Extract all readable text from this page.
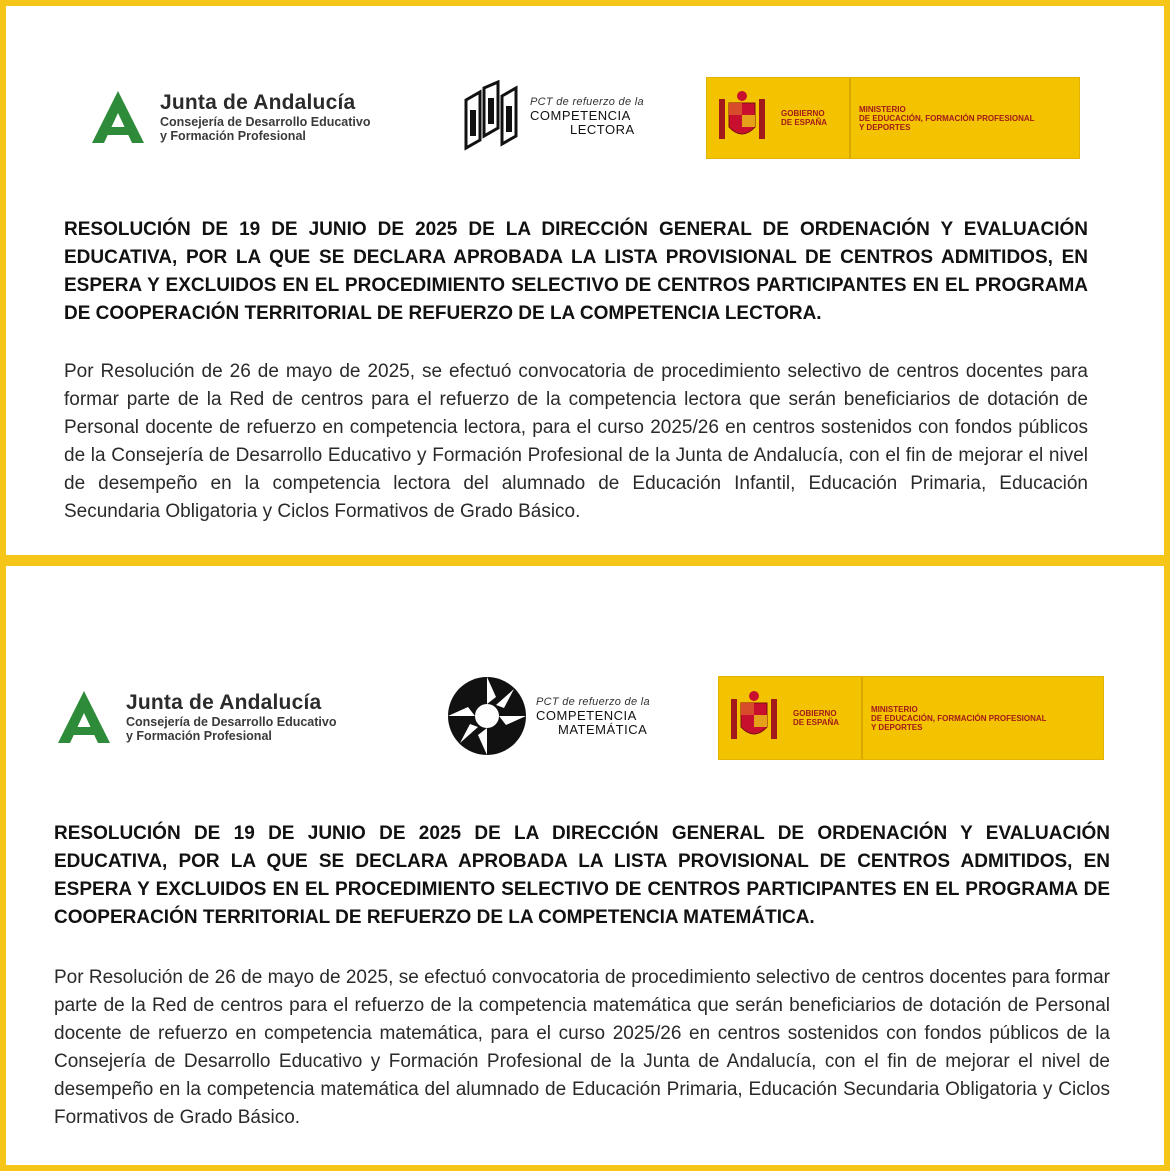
Junta de Andalucía
Consejería de Desarrollo Educativo
y Formación Profesional
PCT de refuerzo de la
COMPETENCIA
LECTORA
GOBIERNO
DE ESPAÑA
MINISTERIO
DE EDUCACIÓN, FORMACIÓN PROFESIONAL
Y DEPORTES
RESOLUCIÓN DE 19 DE JUNIO DE 2025 DE LA DIRECCIÓN GENERAL DE ORDENACIÓN Y EVALUACIÓN EDUCATIVA, POR LA QUE SE DECLARA APROBADA LA LISTA PROVISIONAL DE CENTROS ADMITIDOS, EN ESPERA Y EXCLUIDOS EN EL PROCEDIMIENTO SELECTIVO DE CENTROS PARTICIPANTES EN EL PROGRAMA DE COOPERACIÓN TERRITORIAL DE REFUERZO DE LA COMPETENCIA LECTORA.
Por Resolución de 26 de mayo de 2025, se efectuó convocatoria de procedimiento selectivo de centros docentes para formar parte de la Red de centros para el refuerzo de la competencia lectora que serán beneficiarios de dotación de Personal docente de refuerzo en competencia lectora, para el curso 2025/26 en centros sostenidos con fondos públicos de la Consejería de Desarrollo Educativo y Formación Profesional de la Junta de Andalucía, con el fin de mejorar el nivel de desempeño en la competencia lectora del alumnado de Educación Infantil, Educación Primaria, Educación Secundaria Obligatoria y Ciclos Formativos de Grado Básico.
Junta de Andalucía
Consejería de Desarrollo Educativo
y Formación Profesional
PCT de refuerzo de la
COMPETENCIA
MATEMÁTICA
GOBIERNO
DE ESPAÑA
MINISTERIO
DE EDUCACIÓN, FORMACIÓN PROFESIONAL
Y DEPORTES
RESOLUCIÓN DE 19 DE JUNIO DE 2025 DE LA DIRECCIÓN GENERAL DE ORDENACIÓN Y EVALUACIÓN EDUCATIVA, POR LA QUE SE DECLARA APROBADA LA LISTA PROVISIONAL DE CENTROS ADMITIDOS, EN ESPERA Y EXCLUIDOS EN EL PROCEDIMIENTO SELECTIVO DE CENTROS PARTICIPANTES EN EL PROGRAMA DE COOPERACIÓN TERRITORIAL DE REFUERZO DE LA COMPETENCIA MATEMÁTICA.
Por Resolución de 26 de mayo de 2025, se efectuó convocatoria de procedimiento selectivo de centros docentes para formar parte de la Red de centros para el refuerzo de la competencia matemática que serán beneficiarios de dotación de Personal docente de refuerzo en competencia matemática, para el curso 2025/26 en centros sostenidos con fondos públicos de la Consejería de Desarrollo Educativo y Formación Profesional de la Junta de Andalucía, con el fin de mejorar el nivel de desempeño en la competencia matemática del alumnado de Educación Primaria, Educación Secundaria Obligatoria y Ciclos Formativos de Grado Básico.
